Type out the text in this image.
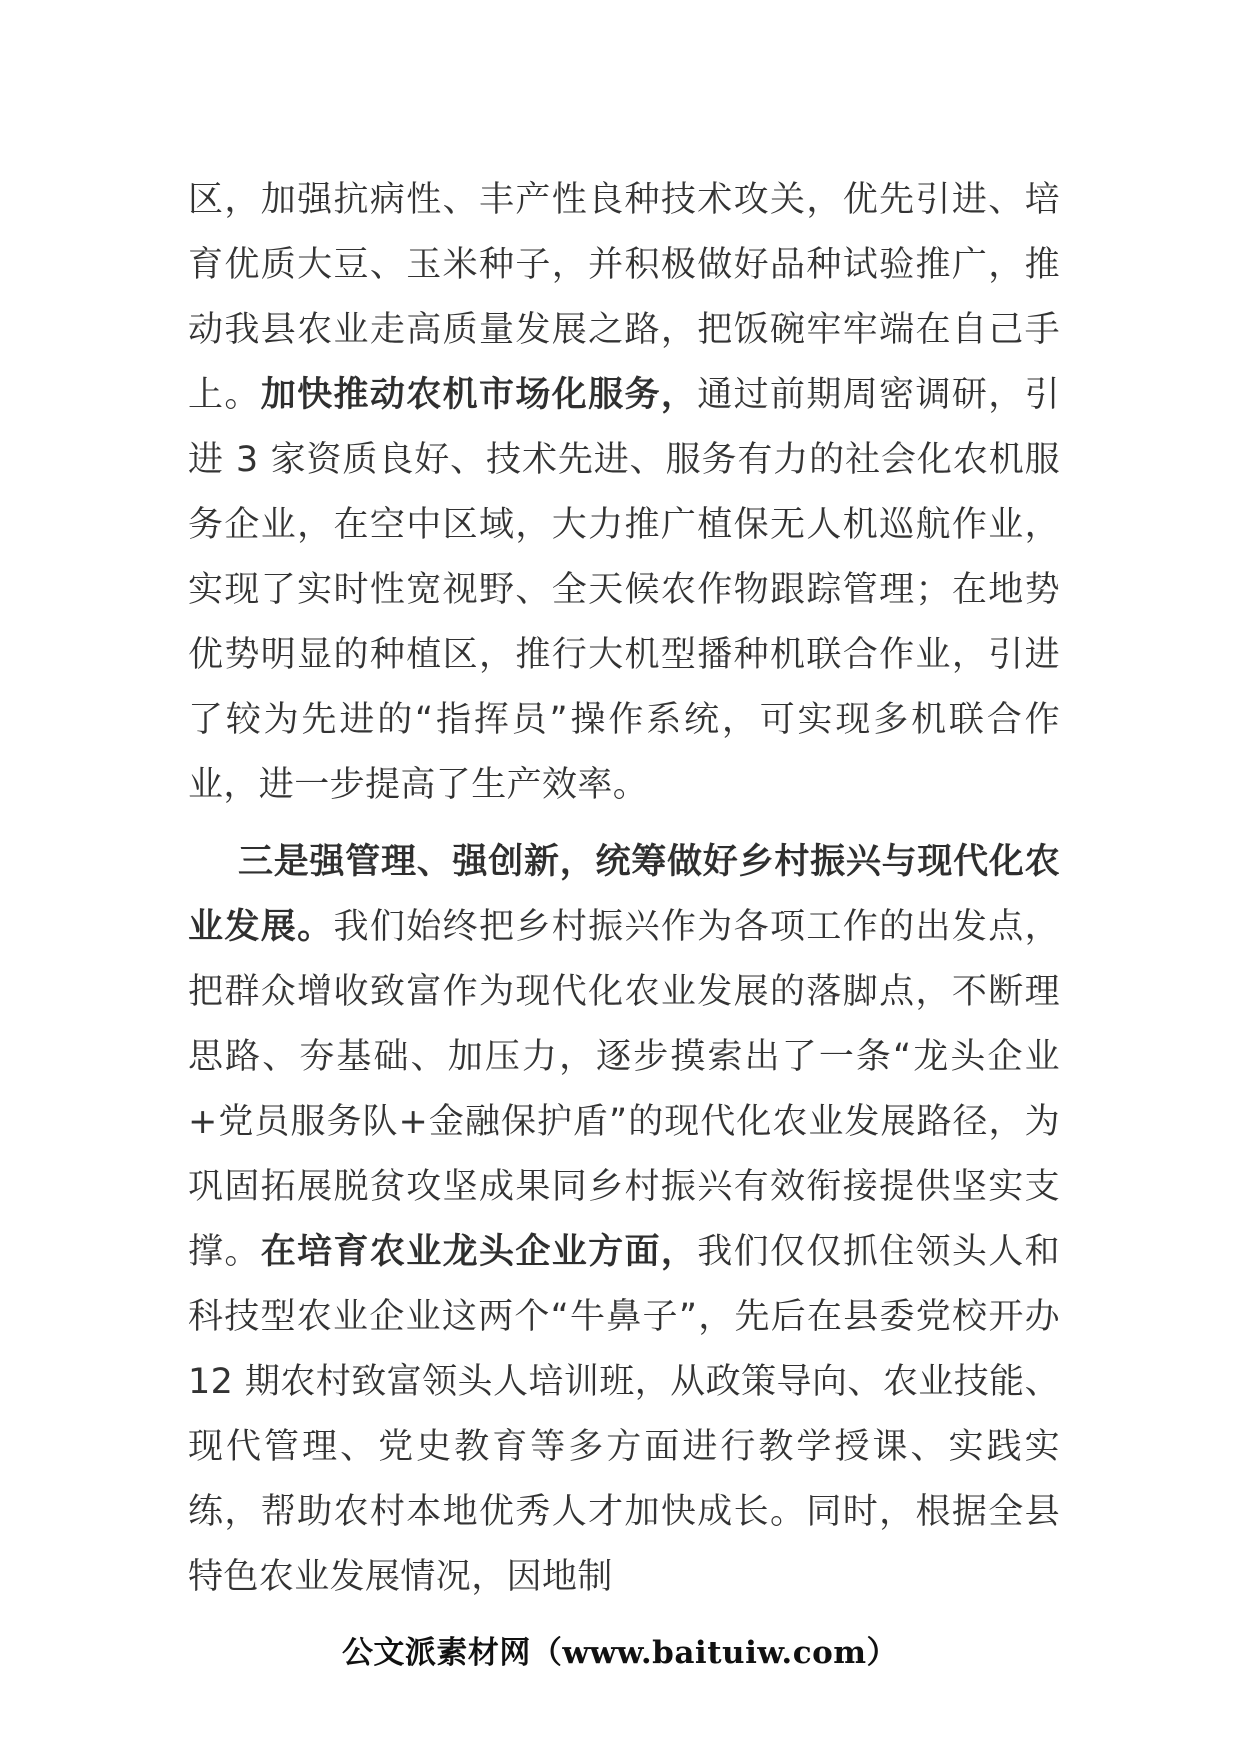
区，加强抗病性、丰产性良种技术攻关，优先引进、培育优质大豆、玉米种子，并积极做好品种试验推广，推动我县农业走高质量发展之路，把饭碗牢牢端在自己手上。加快推动农机市场化服务，通过前期周密调研，引进 3 家资质良好、技术先进、服务有力的社会化农机服务企业，在空中区域，大力推广植保无人机巡航作业，实现了实时性宽视野、全天候农作物跟踪管理；在地势优势明显的种植区，推行大机型播种机联合作业，引进了较为先进的“指挥员”操作系统，可实现多机联合作业，进一步提高了生产效率。

三是强管理、强创新，统筹做好乡村振兴与现代化农业发展。我们始终把乡村振兴作为各项工作的出发点，把群众增收致富作为现代化农业发展的落脚点，不断理思路、夯基础、加压力，逐步摸索出了一条“龙头企业+党员服务队+金融保护盾”的现代化农业发展路径，为巩固拓展脱贫攻坚成果同乡村振兴有效衔接提供坚实支撑。在培育农业龙头企业方面，我们仅仅抓住领头人和科技型农业企业这两个“牛鼻子”，先后在县委党校开办 12 期农村致富领头人培训班，从政策导向、农业技能、现代管理、党史教育等多方面进行教学授课、实践实练，帮助农村本地优秀人才加快成长。同时，根据全县特色农业发展情况，因地制

公文派素材网（www.baituiw.com）
